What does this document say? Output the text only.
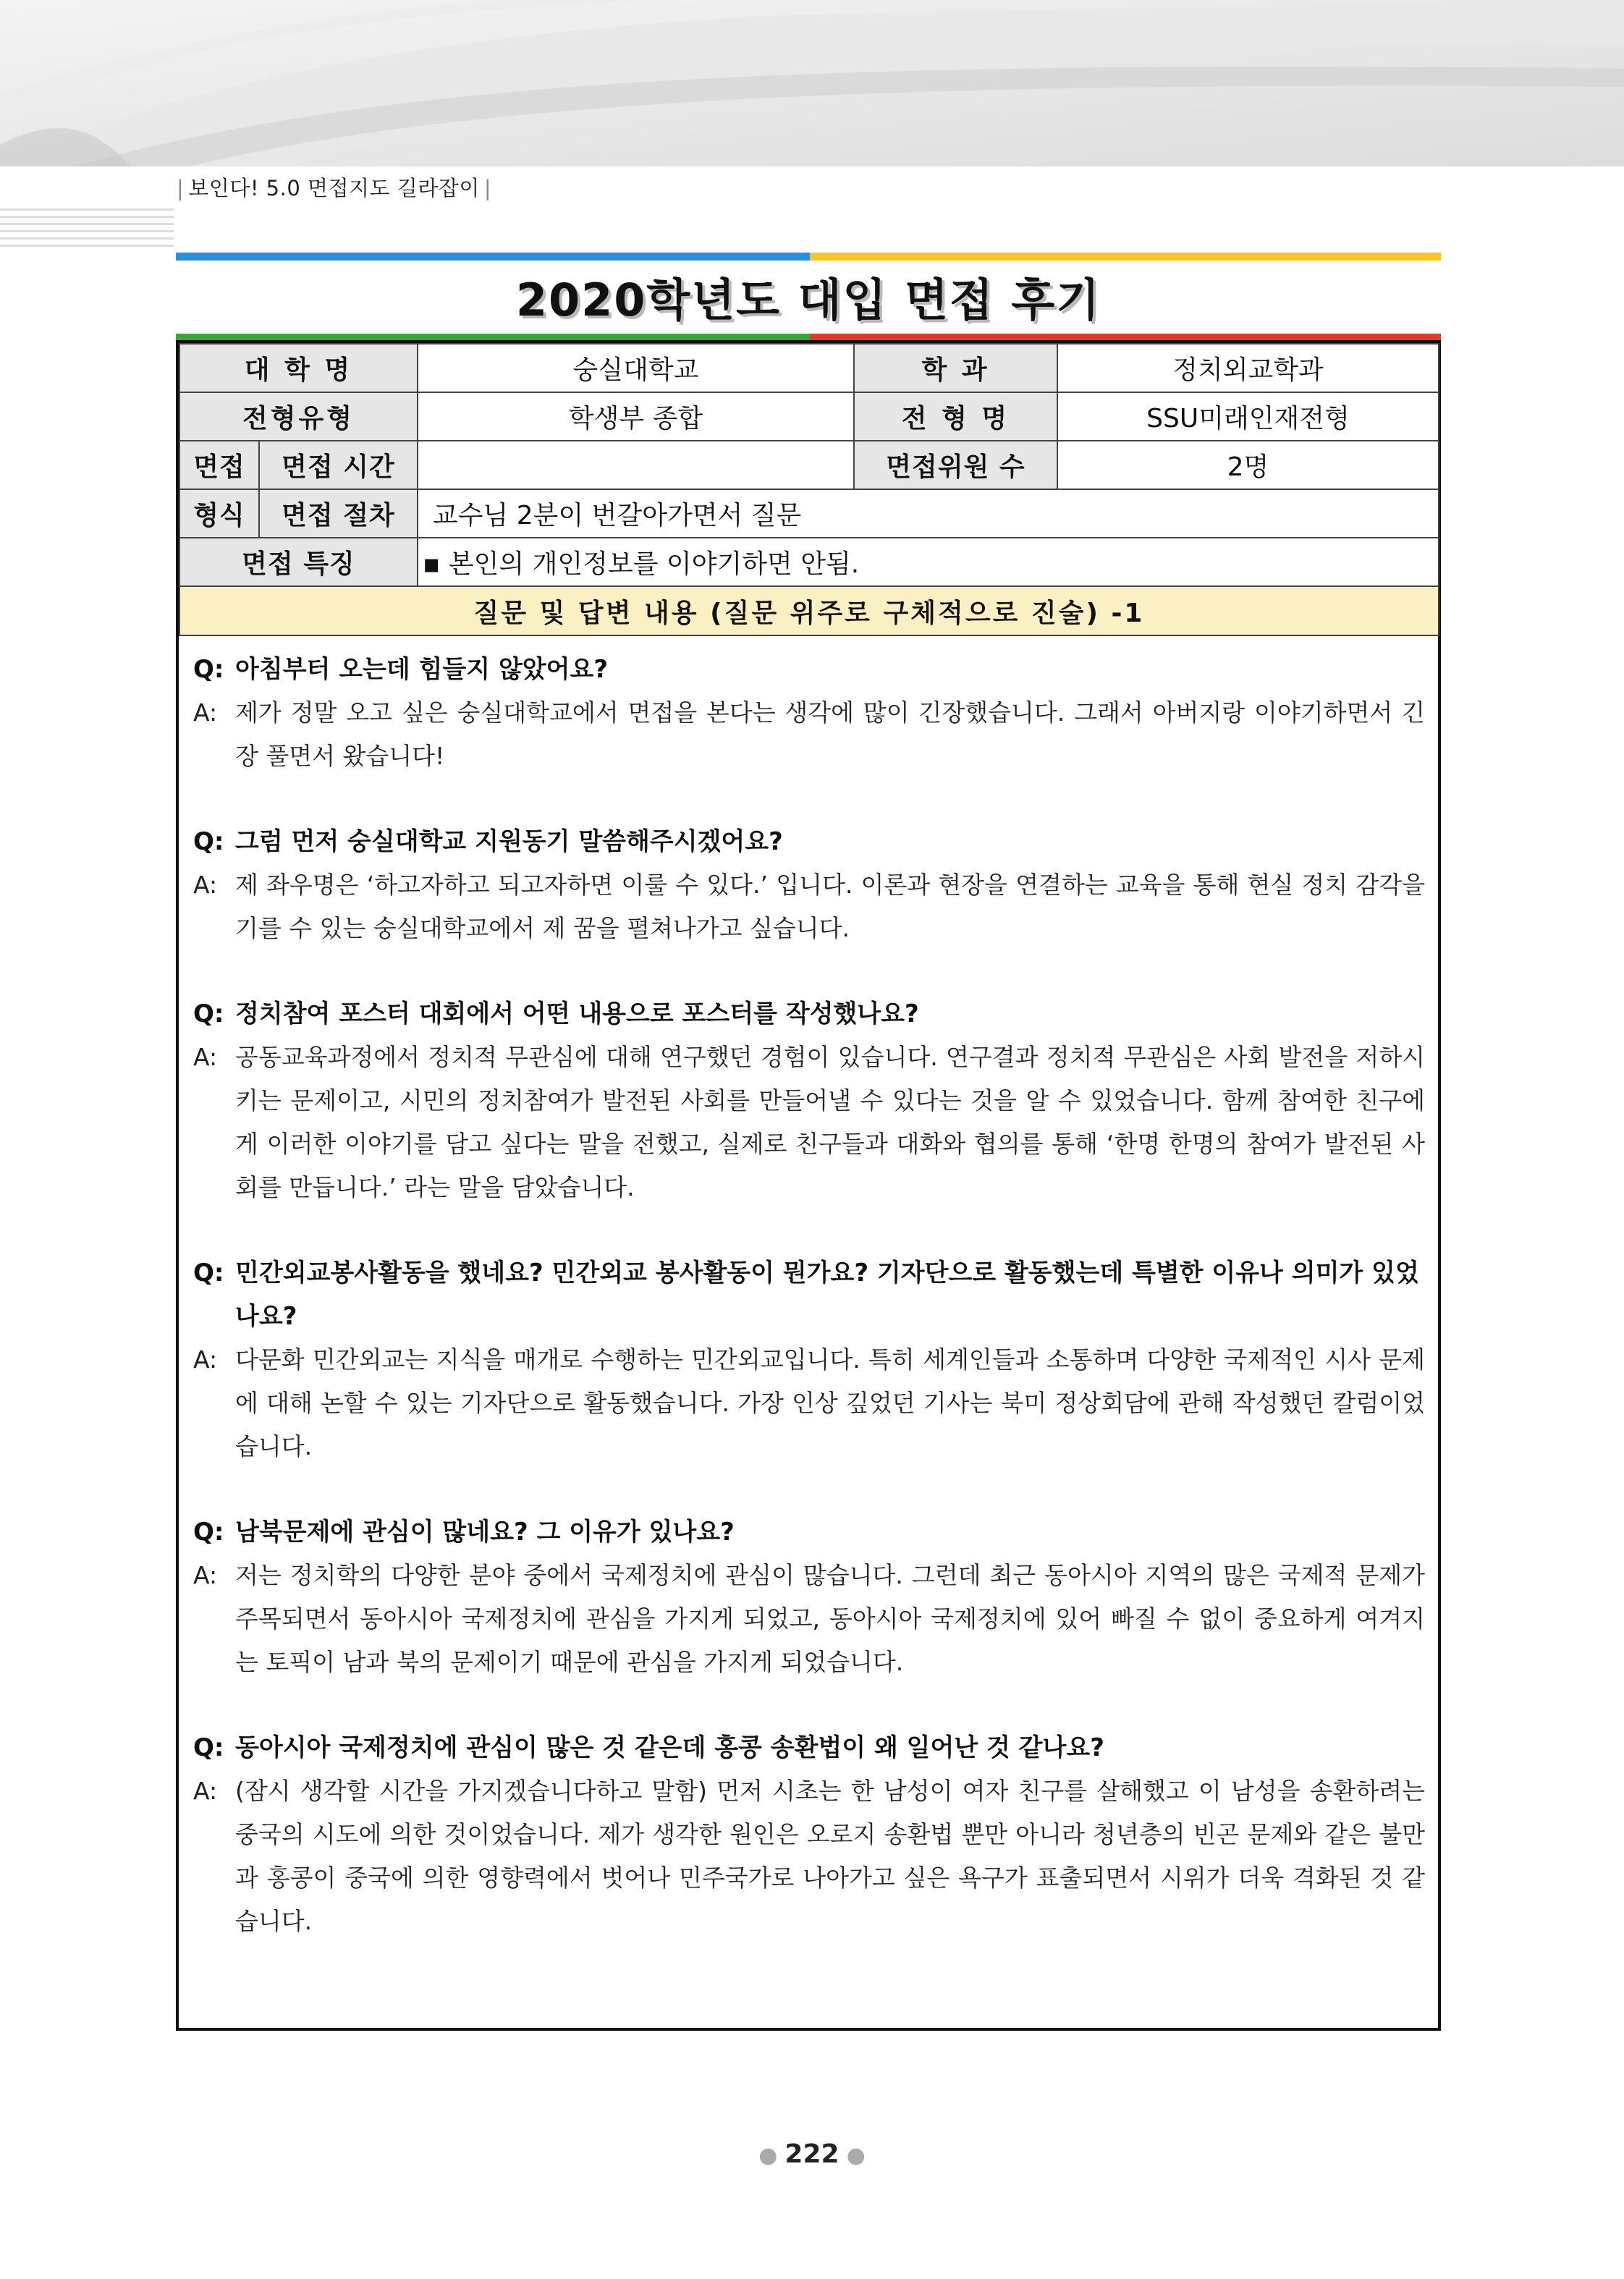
| 보인다! 5.0 면접지도 길라잡이 |
2020학년도 대입 면접 후기
대 학 명		숭실대학교	학 과	정치외교학과
전형유형		학생부 종합	전 형 명	SSU미래인재전형
면접	면접 시간		면접위원 수	2명
형식	면접 절차	교수님 2분이 번갈아가면서 질문		
면접 특징		▪ 본인의 개인정보를 이야기하면 안됨.		
질문 및 답변 내용 (질문 위주로 구체적으로 진술) -1				
Q: 아침부터 오는데 힘들지 않았어요?
A: 제가 정말 오고 싶은 숭실대학교에서 면접을 본다는 생각에 많이 긴장했습니다. 그래서 아버지랑 이야기하면서 긴장 풀면서 왔습니다!
Q: 그럼 먼저 숭실대학교 지원동기 말씀해주시겠어요?
A: 제 좌우명은 ‘하고자하고 되고자하면 이룰 수 있다.’ 입니다. 이론과 현장을 연결하는 교육을 통해 현실 정치 감각을 기를 수 있는 숭실대학교에서 제 꿈을 펼쳐나가고 싶습니다.
Q: 정치참여 포스터 대회에서 어떤 내용으로 포스터를 작성했나요?
A: 공동교육과정에서 정치적 무관심에 대해 연구했던 경험이 있습니다. 연구결과 정치적 무관심은 사회 발전을 저하시키는 문제이고, 시민의 정치참여가 발전된 사회를 만들어낼 수 있다는 것을 알 수 있었습니다. 함께 참여한 친구에게 이러한 이야기를 담고 싶다는 말을 전했고, 실제로 친구들과 대화와 협의를 통해 ‘한명 한명의 참여가 발전된 사회를 만듭니다.’ 라는 말을 담았습니다.
Q: 민간외교봉사활동을 했네요? 민간외교 봉사활동이 뭔가요? 기자단으로 활동했는데 특별한 이유나 의미가 있었나요?
A: 다문화 민간외교는 지식을 매개로 수행하는 민간외교입니다. 특히 세계인들과 소통하며 다양한 국제적인 시사 문제에 대해 논할 수 있는 기자단으로 활동했습니다. 가장 인상 깊었던 기사는 북미 정상회담에 관해 작성했던 칼럼이었습니다.
Q: 남북문제에 관심이 많네요? 그 이유가 있나요?
A: 저는 정치학의 다양한 분야 중에서 국제정치에 관심이 많습니다. 그런데 최근 동아시아 지역의 많은 국제적 문제가 주목되면서 동아시아 국제정치에 관심을 가지게 되었고, 동아시아 국제정치에 있어 빠질 수 없이 중요하게 여겨지는 토픽이 남과 북의 문제이기 때문에 관심을 가지게 되었습니다.
Q: 동아시아 국제정치에 관심이 많은 것 같은데 홍콩 송환법이 왜 일어난 것 같나요?
A: (잠시 생각할 시간을 가지겠습니다하고 말함) 먼저 시초는 한 남성이 여자 친구를 살해했고 이 남성을 송환하려는 중국의 시도에 의한 것이었습니다. 제가 생각한 원인은 오로지 송환법 뿐만 아니라 청년층의 빈곤 문제와 같은 불만과 홍콩이 중국에 의한 영향력에서 벗어나 민주국가로 나아가고 싶은 욕구가 표출되면서 시위가 더욱 격화된 것 같습니다.
● 222 ●
